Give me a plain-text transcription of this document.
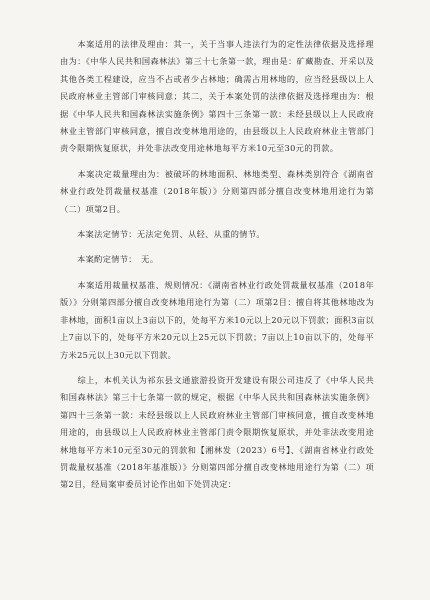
　　本案适用的法律及理由：其一，关于当事人违法行为的定性法律依据及选择理由为：《中华人民共和国森林法》第三十七条第一款，理由是：矿藏勘查、开采以及其他各类工程建设，应当不占或者少占林地；确需占用林地的，应当经县级以上人民政府林业主管部门审核同意；其二，关于本案处罚的法律依据及选择理由为：根据《中华人民共和国森林法实施条例》第四十三条第一款：未经县级以上人民政府林业主管部门审核同意，擅自改变林地用途的，由县级以上人民政府林业主管部门责令限期恢复原状，并处非法改变用途林地每平方米10元至30元的罚款。

　　本案决定裁量理由为：被破坏的林地面积、林地类型、森林类别符合《湖南省林业行政处罚裁量权基准（2018年版）》分则第四部分擅自改变林地用途行为第（二）项第2目。

　　本案法定情节：无法定免罚、从轻、从重的情节。

　　本案酌定情节：　无。

　　本案适用裁量权基准、规则情况：《湖南省林业行政处罚裁量权基准（2018年版）》分则第四部分擅自改变林地用途行为第（二）项第2目：擅自将其他林地改为非林地，面积1亩以上3亩以下的，处每平方米10元以上20元以下罚款；面积3亩以上7亩以下的，处每平方米20元以上25元以下罚款；7亩以上10亩以下的，处每平方米25元以上30元以下罚款。

　　综上，本机关认为祁东县文通旅游投资开发建设有限公司违反了《中华人民共和国森林法》第三十七条第一款的规定，根据《中华人民共和国森林法实施条例》第四十三条第一款：未经县级以上人民政府林业主管部门审核同意，擅自改变林地用途的，由县级以上人民政府林业主管部门责令限期恢复原状，并处非法改变用途林地每平方米10元至30元的罚款和【湘林发（2023）6号】、《湖南省林业行政处罚裁量权基准（2018年基准版）》分则第四部分擅自改变林地用途行为第（二）项第2目，经局案审委员讨论作出如下处罚决定：
